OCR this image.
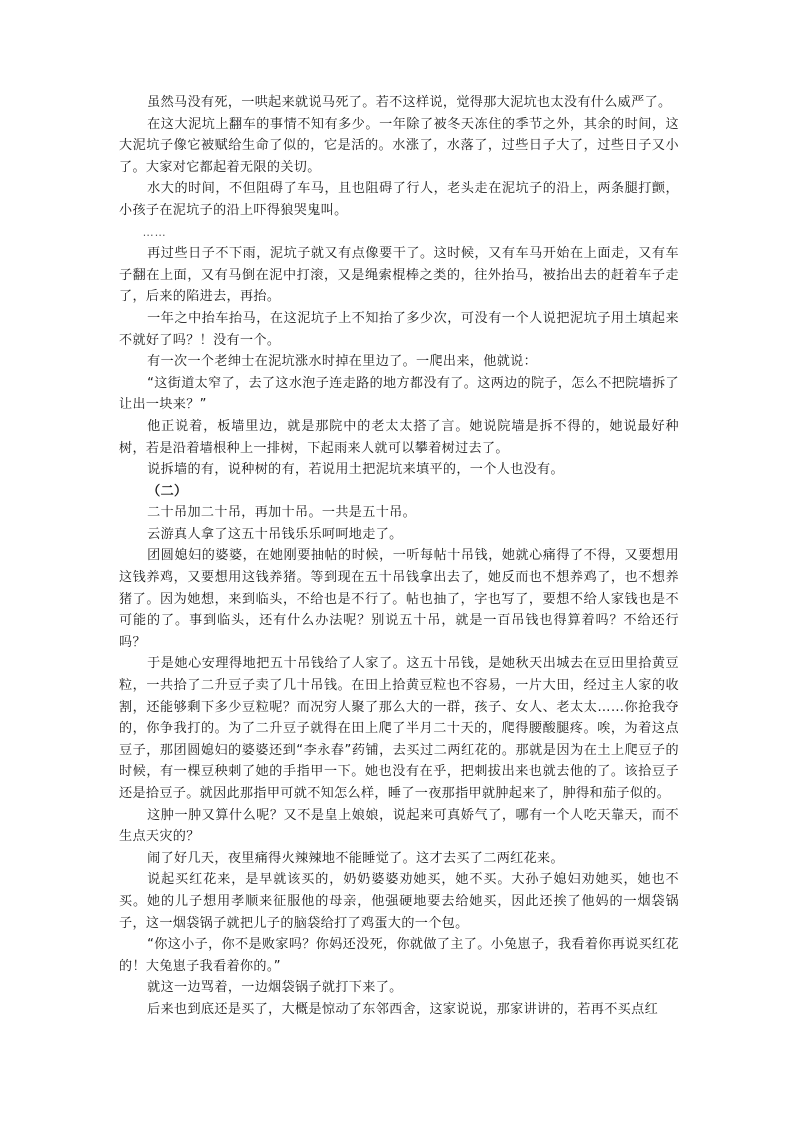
虽然马没有死，一哄起来就说马死了。若不这样说，觉得那大泥坑也太没有什么威严了。

在这大泥坑上翻车的事情不知有多少。一年除了被冬天冻住的季节之外，其余的时间，这大泥坑子像它被赋给生命了似的，它是活的。水涨了，水落了，过些日子大了，过些日子又小了。大家对它都起着无限的关切。

水大的时间，不但阻碍了车马，且也阻碍了行人，老头走在泥坑子的沿上，两条腿打颤，小孩子在泥坑子的沿上吓得狼哭鬼叫。

……

再过些日子不下雨，泥坑子就又有点像要干了。这时候，又有车马开始在上面走，又有车子翻在上面，又有马倒在泥中打滚，又是绳索棍棒之类的，往外抬马，被抬出去的赶着车子走了，后来的陷进去，再抬。

一年之中抬车抬马，在这泥坑子上不知抬了多少次，可没有一个人说把泥坑子用土填起来不就好了吗？！没有一个。

有一次一个老绅士在泥坑涨水时掉在里边了。一爬出来，他就说：

“这街道太窄了，去了这水泡子连走路的地方都没有了。这两边的院子，怎么不把院墙拆了让出一块来？”

他正说着，板墙里边，就是那院中的老太太搭了言。她说院墙是拆不得的，她说最好种树，若是沿着墙根种上一排树，下起雨来人就可以攀着树过去了。

说拆墙的有，说种树的有，若说用土把泥坑来填平的，一个人也没有。

（二）

二十吊加二十吊，再加十吊。一共是五十吊。

云游真人拿了这五十吊钱乐乐呵呵地走了。

团圆媳妇的婆婆，在她刚要抽帖的时候，一听每帖十吊钱，她就心痛得了不得，又要想用这钱养鸡，又要想用这钱养猪。等到现在五十吊钱拿出去了，她反而也不想养鸡了，也不想养猪了。因为她想，来到临头，不给也是不行了。帖也抽了，字也写了，要想不给人家钱也是不可能的了。事到临头，还有什么办法呢？别说五十吊，就是一百吊钱也得算着吗？不给还行吗？

于是她心安理得地把五十吊钱给了人家了。这五十吊钱，是她秋天出城去在豆田里拾黄豆粒，一共拾了二升豆子卖了几十吊钱。在田上拾黄豆粒也不容易，一片大田，经过主人家的收割，还能够剩下多少豆粒呢？而况穷人聚了那么大的一群，孩子、女人、老太太……你抢我夺的，你争我打的。为了二升豆子就得在田上爬了半月二十天的，爬得腰酸腿疼。唉，为着这点豆子，那团圆媳妇的婆婆还到“李永春”药铺，去买过二两红花的。那就是因为在土上爬豆子的时候，有一棵豆秧刺了她的手指甲一下。她也没有在乎，把刺拔出来也就去他的了。该拾豆子还是拾豆子。就因此那指甲可就不知怎么样，睡了一夜那指甲就肿起来了，肿得和茄子似的。

这肿一肿又算什么呢？又不是皇上娘娘，说起来可真娇气了，哪有一个人吃天靠天，而不生点天灾的？

闹了好几天，夜里痛得火辣辣地不能睡觉了。这才去买了二两红花来。

说起买红花来，是早就该买的，奶奶婆婆劝她买，她不买。大孙子媳妇劝她买，她也不买。她的儿子想用孝顺来征服他的母亲，他强硬地要去给她买，因此还挨了他妈的一烟袋锅子，这一烟袋锅子就把儿子的脑袋给打了鸡蛋大的一个包。

“你这小子，你不是败家吗？你妈还没死，你就做了主了。小兔崽子，我看着你再说买红花的！大兔崽子我看着你的。”

就这一边骂着，一边烟袋锅子就打下来了。

后来也到底还是买了，大概是惊动了东邻西舍，这家说说，那家讲讲的，若再不买点红
